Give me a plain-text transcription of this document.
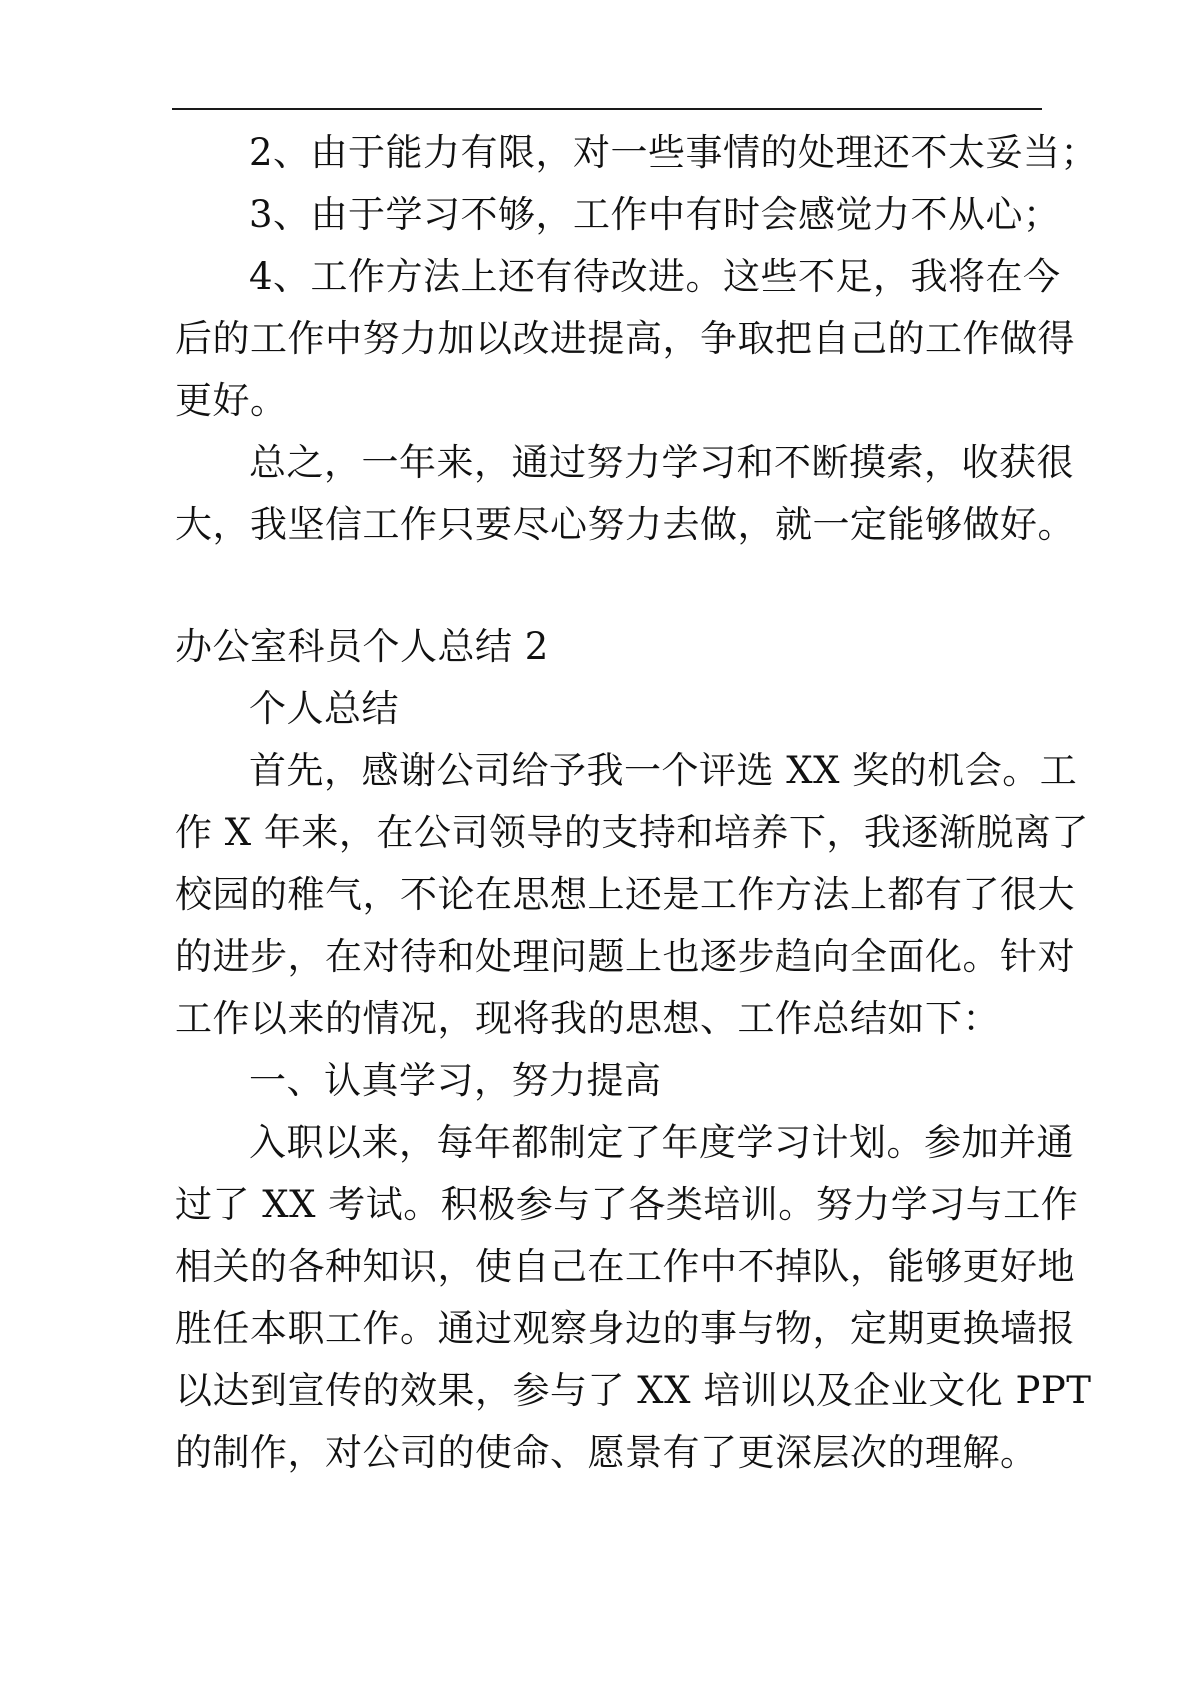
2、由于能力有限，对一些事情的处理还不太妥当；
3、由于学习不够，工作中有时会感觉力不从心；
4、工作方法上还有待改进。这些不足，我将在今
后的工作中努力加以改进提高，争取把自己的工作做得
更好。
总之，一年来，通过努力学习和不断摸索，收获很
大，我坚信工作只要尽心努力去做，就一定能够做好。
办公室科员个人总结 2
个人总结
首先，感谢公司给予我一个评选 XX 奖的机会。工
作 X 年来，在公司领导的支持和培养下，我逐渐脱离了
校园的稚气，不论在思想上还是工作方法上都有了很大
的进步，在对待和处理问题上也逐步趋向全面化。针对
工作以来的情况，现将我的思想、工作总结如下：
一、认真学习，努力提高
入职以来，每年都制定了年度学习计划。参加并通
过了 XX 考试。积极参与了各类培训。努力学习与工作
相关的各种知识，使自己在工作中不掉队，能够更好地
胜任本职工作。通过观察身边的事与物，定期更换墙报
以达到宣传的效果，参与了 XX 培训以及企业文化 PPT
的制作，对公司的使命、愿景有了更深层次的理解。
